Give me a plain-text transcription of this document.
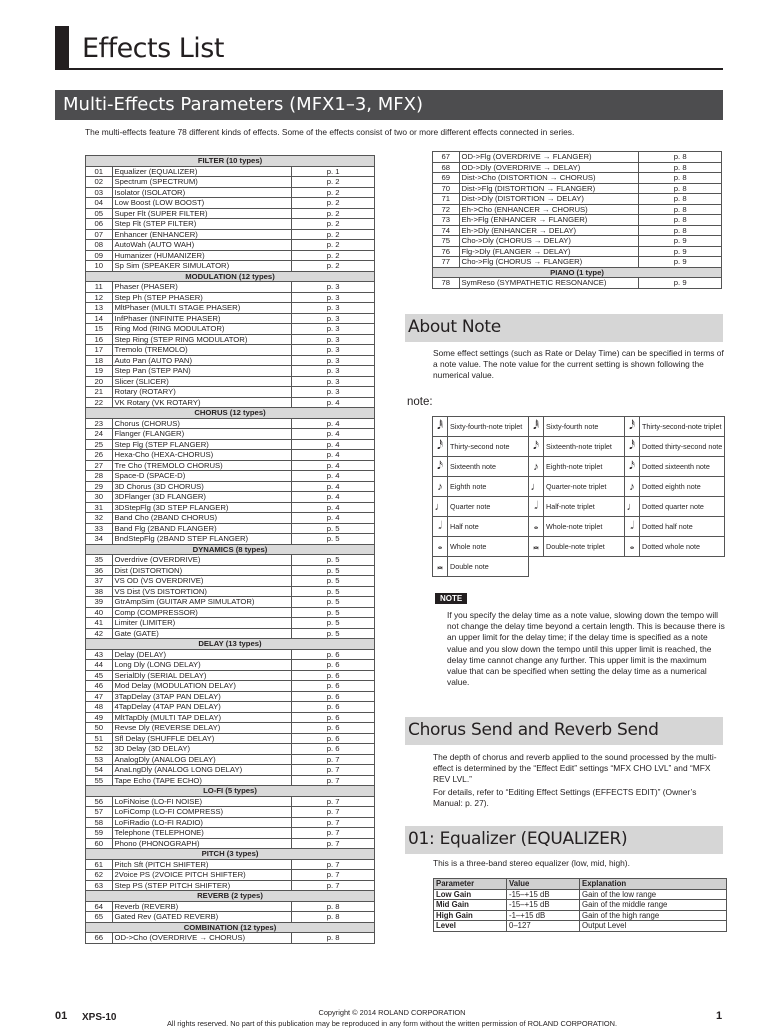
Effects List
Multi-Effects Parameters (MFX1–3, MFX)
The multi-effects feature 78 different kinds of effects. Some of the effects consist of two or more different effects connected in series.
FILTER (10 types)		
01	Equalizer (EQUALIZER)	p. 1
02	Spectrum (SPECTRUM)	p. 2
03	Isolator (ISOLATOR)	p. 2
04	Low Boost (LOW BOOST)	p. 2
05	Super Flt (SUPER FILTER)	p. 2
06	Step Flt (STEP FILTER)	p. 2
07	Enhancer (ENHANCER)	p. 2
08	AutoWah (AUTO WAH)	p. 2
09	Humanizer (HUMANIZER)	p. 2
10	Sp Sim (SPEAKER SIMULATOR)	p. 2
MODULATION (12 types)		
11	Phaser (PHASER)	p. 3
12	Step Ph (STEP PHASER)	p. 3
13	MltPhaser (MULTI STAGE PHASER)	p. 3
14	InfPhaser (INFINITE PHASER)	p. 3
15	Ring Mod (RING MODULATOR)	p. 3
16	Step Ring (STEP RING MODULATOR)	p. 3
17	Tremolo (TREMOLO)	p. 3
18	Auto Pan (AUTO PAN)	p. 3
19	Step Pan (STEP PAN)	p. 3
20	Slicer (SLICER)	p. 3
21	Rotary (ROTARY)	p. 3
22	VK Rotary (VK ROTARY)	p. 4
CHORUS (12 types)		
23	Chorus (CHORUS)	p. 4
24	Flanger (FLANGER)	p. 4
25	Step Flg (STEP FLANGER)	p. 4
26	Hexa-Cho (HEXA-CHORUS)	p. 4
27	Tre Cho (TREMOLO CHORUS)	p. 4
28	Space-D (SPACE-D)	p. 4
29	3D Chorus (3D CHORUS)	p. 4
30	3DFlanger (3D FLANGER)	p. 4
31	3DStepFlg (3D STEP FLANGER)	p. 4
32	Band Cho (2BAND CHORUS)	p. 4
33	Band Flg (2BAND FLANGER)	p. 5
34	BndStepFlg (2BAND STEP FLANGER)	p. 5
DYNAMICS (8 types)		
35	Overdrive (OVERDRIVE)	p. 5
36	Dist (DISTORTION)	p. 5
37	VS OD (VS OVERDRIVE)	p. 5
38	VS Dist (VS DISTORTION)	p. 5
39	GtrAmpSim (GUITAR AMP SIMULATOR)	p. 5
40	Comp (COMPRESSOR)	p. 5
41	Limiter (LIMITER)	p. 5
42	Gate (GATE)	p. 5
DELAY (13 types)		
43	Delay (DELAY)	p. 6
44	Long Dly (LONG DELAY)	p. 6
45	SerialDly (SERIAL DELAY)	p. 6
46	Mod Delay (MODULATION DELAY)	p. 6
47	3TapDelay (3TAP PAN DELAY)	p. 6
48	4TapDelay (4TAP PAN DELAY)	p. 6
49	MltTapDly (MULTI TAP DELAY)	p. 6
50	Revse Dly (REVERSE DELAY)	p. 6
51	Sfl Delay (SHUFFLE DELAY)	p. 6
52	3D Delay (3D DELAY)	p. 6
53	AnalogDly (ANALOG DELAY)	p. 7
54	AnaLngDly (ANALOG LONG DELAY)	p. 7
55	Tape Echo (TAPE ECHO)	p. 7
LO-FI (5 types)		
56	LoFiNoise (LO-FI NOISE)	p. 7
57	LoFiComp (LO-FI COMPRESS)	p. 7
58	LoFiRadio (LO-FI RADIO)	p. 7
59	Telephone (TELEPHONE)	p. 7
60	Phono (PHONOGRAPH)	p. 7
PITCH (3 types)		
61	Pitch Sft (PITCH SHIFTER)	p. 7
62	2Voice PS (2VOICE PITCH SHIFTER)	p. 7
63	Step PS (STEP PITCH SHIFTER)	p. 7
REVERB (2 types)		
64	Reverb (REVERB)	p. 8
65	Gated Rev (GATED REVERB)	p. 8
COMBINATION (12 types)		
66	OD->Cho (OVERDRIVE → CHORUS)	p. 8
67	OD->Flg (OVERDRIVE → FLANGER)	p. 8
68	OD->Dly (OVERDRIVE → DELAY)	p. 8
69	Dist->Cho (DISTORTION → CHORUS)	p. 8
70	Dist->Flg (DISTORTION → FLANGER)	p. 8
71	Dist->Dly (DISTORTION → DELAY)	p. 8
72	Eh->Cho (ENHANCER → CHORUS)	p. 8
73	Eh->Flg (ENHANCER → FLANGER)	p. 8
74	Eh->Dly (ENHANCER → DELAY)	p. 8
75	Cho->Dly (CHORUS → DELAY)	p. 9
76	Flg->Dly (FLANGER → DELAY)	p. 9
77	Cho->Flg (CHORUS → FLANGER)	p. 9
PIANO (1 type)		
78	SymReso (SYMPATHETIC RESONANCE)	p. 9
About Note
Some effect settings (such as Rate or Delay Time) can be specified in terms of a note value. The note value for the current setting is shown following the numerical value.
note:
𝅘𝅥𝅱	Sixty-fourth-note triplet	𝅘𝅥𝅱	Sixty-fourth note	𝅘𝅥𝅰	Thirty-second-note triplet
𝅘𝅥𝅰	Thirty-second note	𝅘𝅥𝅯	Sixteenth-note triplet	𝅘𝅥𝅰	Dotted thirty-second note
𝅘𝅥𝅯	Sixteenth note	♪	Eighth-note triplet	𝅘𝅥𝅯	Dotted sixteenth note
♪	Eighth note	♩	Quarter-note triplet	♪	Dotted eighth note
♩	Quarter note	𝅗𝅥	Half-note triplet	♩	Dotted quarter note
𝅗𝅥	Half note	𝅝	Whole-note triplet	𝅗𝅥	Dotted half note
𝅝	Whole note	𝅜	Double-note triplet	𝅝	Dotted whole note
𝅜	Double note				
NOTE
If you specify the delay time as a note value, slowing down the tempo will not change the delay time beyond a certain length. This is because there is an upper limit for the delay time; if the delay time is specified as a note value and you slow down the tempo until this upper limit is reached, the delay time cannot change any further. This upper limit is the maximum value that can be specified when setting the delay time as a numerical value.
Chorus Send and Reverb Send
The depth of chorus and reverb applied to the sound processed by the multi-effect is determined by the “Effect Edit” settings “MFX CHO LVL” and “MFX REV LVL.”
For details, refer to “Editing Effect Settings (EFFECTS EDIT)” (Owner’s Manual: p. 27).
01: Equalizer (EQUALIZER)
This is a three-band stereo equalizer (low, mid, high).
Parameter	Value	Explanation
Low Gain	-15–+15 dB	Gain of the low range
Mid Gain	-15–+15 dB	Gain of the middle range
High Gain	-1–+15 dB	Gain of the high range
Level	0–127	Output Level
01 XPS-10	Copyright © 2014 ROLAND CORPORATION
All rights reserved. No part of this publication may be reproduced in any form without the written permission of ROLAND CORPORATION.
1
